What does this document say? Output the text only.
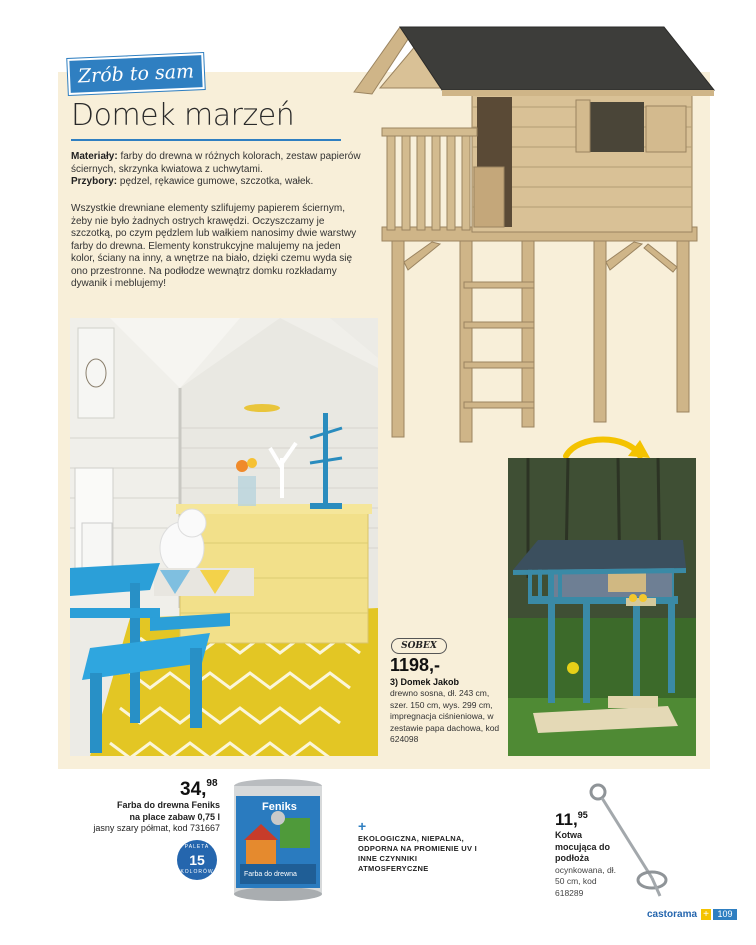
Zrób to sam
Domek marzeń
Materiały: farby do drewna w różnych kolorach, zestaw papierów ściernych, skrzynka kwiatowa z uchwytami.
Przybory: pędzel, rękawice gumowe, szczotka, wałek.
Wszystkie drewniane elementy szlifujemy papierem ściernym, żeby nie było żadnych ostrych krawędzi. Oczyszczamy je szczotką, po czym pędzlem lub wałkiem nanosimy dwie warstwy farby do drewna. Elementy konstrukcyjne malujemy na jeden kolor, ściany na inny, a wnętrze na biało, dzięki czemu wyda się ono przestronne. Na podłodze wewnątrz domku rozkładamy dywanik i meblujemy!
SOBEX
1198,-
3) Domek Jakob
drewno sosna, dł. 243 cm, szer. 150 cm, wys. 299 cm, impregnacja ciśnieniowa, w zestawie papa dachowa, kod 624098
34,98
Farba do drewna Feniks
na place zabaw 0,75 l
jasny szary półmat, kod 731667
PALETA
15
KOLORÓW
Feniks
Farba do drewna
+
EKOLOGICZNA, NIEPALNA, ODPORNA NA PROMIENIE UV I INNE CZYNNIKI ATMOSFERYCZNE
11,95
Kotwa mocująca do podłoża
ocynkowana, dł. 50 cm, kod 618289
castorama + 109
